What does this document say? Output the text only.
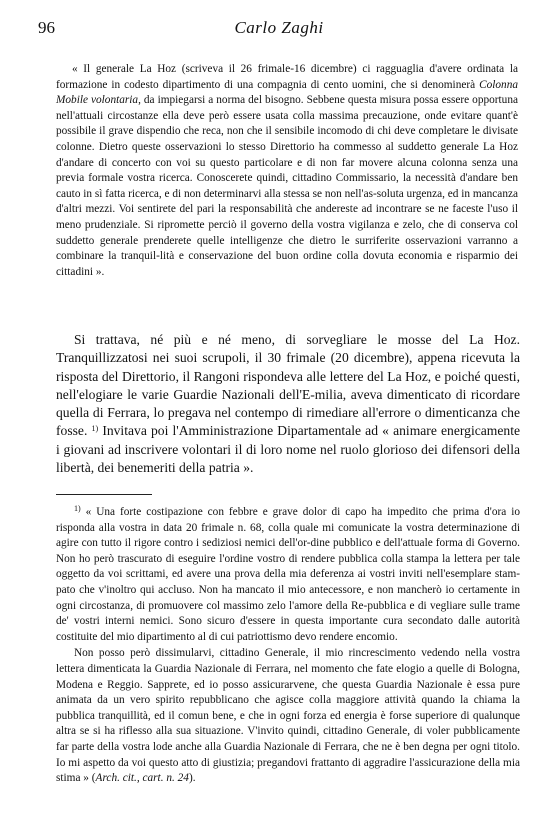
96	Carlo Zaghi

« Il generale La Hoz (scriveva il 26 frimale-16 dicembre) ci ragguaglia d'avere ordinata la formazione in codesto dipartimento di una compagnia di cento uomini, che si denominerà Colonna Mobile volontaria, da impiegarsi a norma del bisogno. Sebbene questa misura possa essere opportuna nell'attuali circostanze ella deve però essere usata colla massima precauzione, onde evitare quant'è possibile il grave dispendio che reca, non che il sensibile incomodo di chi deve completare le divisate colonne. Dietro queste osservazioni lo stesso Direttorio ha commesso al suddetto generale La Hoz d'andare di concerto con voi su questo particolare e di non far movere alcuna colonna senza una previa formale vostra ricerca. Conoscerete quindi, cittadino Commissario, la necessità d'andare ben cauto in sì fatta ricerca, e di non determinarvi alla stessa se non nell'as-soluta urgenza, ed in mancanza d'altri mezzi. Voi sentirete del pari la responsabilità che andereste ad incontrare se ne faceste l'uso il meno prudenziale. Si ripromette perciò il governo della vostra vigilanza e zelo, che di conserva col suddetto generale prenderete quelle intelligenze che dietro le surriferite osservazioni varranno a combinare la tranquil-lità e conservazione del buon ordine colla dovuta economia e risparmio dei cittadini ».

Si trattava, né più e né meno, di sorvegliare le mosse del La Hoz. Tranquillizzatosi nei suoi scrupoli, il 30 frimale (20 dicembre), appena ricevuta la risposta del Direttorio, il Rangoni rispondeva alle lettere del La Hoz, e poiché questi, nell'elogiare le varie Guardie Nazionali dell'E-milia, aveva dimenticato di ricordare quella di Ferrara, lo pregava nel contempo di rimediare all'errore o dimenticanza che fosse. $^{1)}$ Invitava poi l'Amministrazione Dipartamentale ad « animare energicamente i giovani ad inscrivere volontari il di loro nome nel ruolo glorioso dei difensori della libertà, dei benemeriti della patria ».

$^{1)}$ « Una forte costipazione con febbre e grave dolor di capo ha impedito che prima d'ora io risponda alla vostra in data 20 frimale n. 68, colla quale mi comunicate la vostra determinazione di agire con tutto il rigore contro i sediziosi nemici dell'or-dine pubblico e dell'attuale forma di Governo. Non ho però trascurato di eseguire l'ordine vostro di rendere pubblica colla stampa la lettera per tale oggetto da voi scrittami, ed avere una prova della mia deferenza ai vostri inviti nell'esemplare stam-pato che v'inoltro qui accluso. Non ha mancato il mio antecessore, e non mancherò io certamente in ogni circostanza, di promuovere col massimo zelo l'amore della Re-pubblica e di vegliare sulle trame de' vostri interni nemici. Sono sicuro d'essere in questa importante cura secondato dalle autorità costituite del mio dipartimento al di cui patriottismo devo rendere encomio.

Non posso però dissimularvi, cittadino Generale, il mio rincrescimento vedendo nella vostra lettera dimenticata la Guardia Nazionale di Ferrara, nel momento che fate elogio a quelle di Bologna, Modena e Reggio. Sapprete, ed io posso assicurarvene, che questa Guardia Nazionale è essa pure animata da un vero spirito repubblicano che agisce colla maggiore attività quando la chiama la pubblica tranquillità, ed il comun bene, e che in ogni forza ed energia è forse superiore di qualunque altra se si ha riflesso alla sua situazione. V'invito quindi, cittadino Generale, di voler pubblicamente far parte della vostra lode anche alla Guardia Nazionale di Ferrara, che ne è ben degna per ogni titolo. Io mi aspetto da voi questo atto di giustizia; pregandovi frattanto di aggradire l'assicurazione della mia stima » (Arch. cit., cart. n. 24).
